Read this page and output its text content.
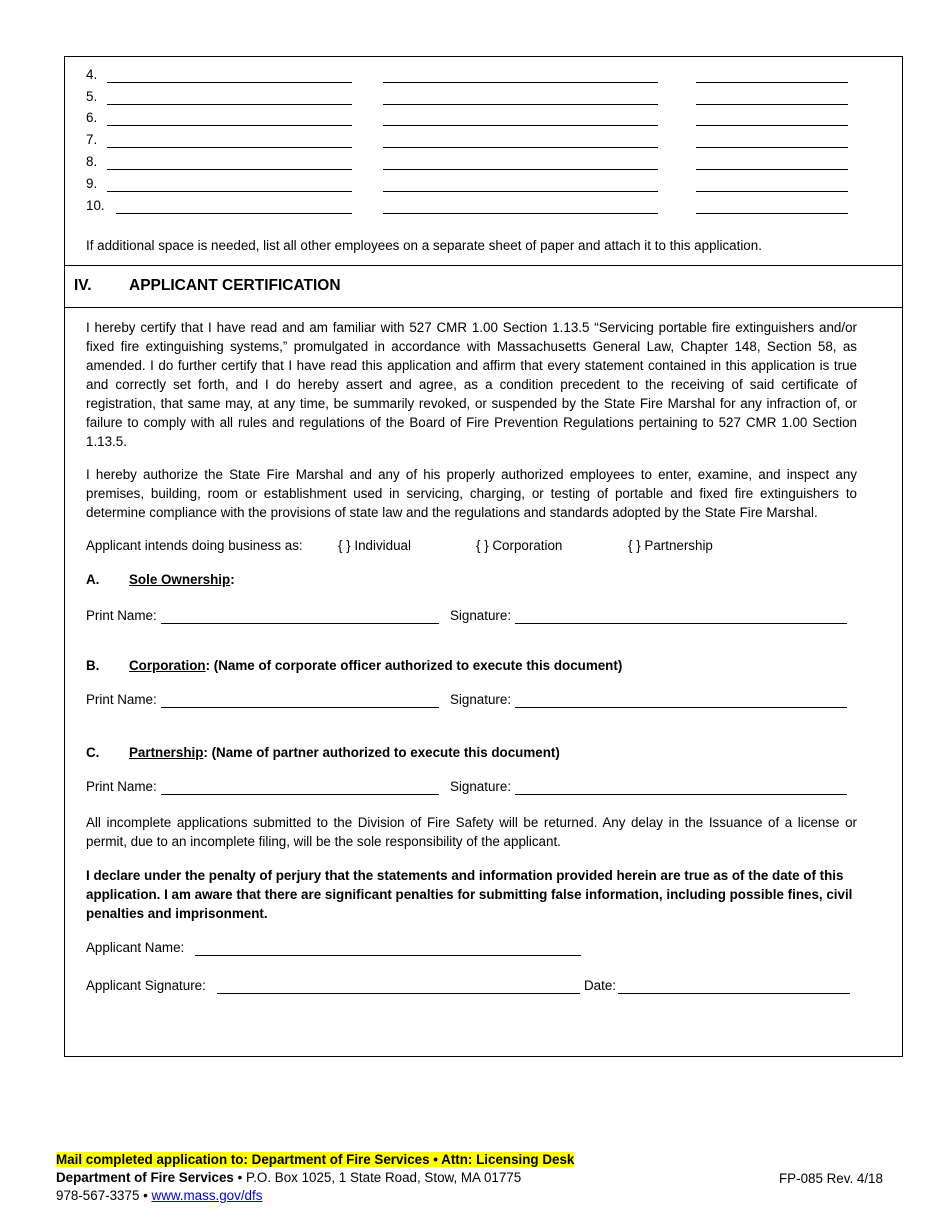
4.
5.
6.
7.
8.
9.
10.
If additional space is needed, list all other employees on a separate sheet of paper and attach it to this application.
IV. APPLICANT CERTIFICATION

I hereby certify that I have read and am familiar with 527 CMR 1.00 Section 1.13.5 “Servicing portable fire extinguishers and/or fixed fire extinguishing systems,” promulgated in accordance with Massachusetts General Law, Chapter 148, Section 58, as amended. I do further certify that I have read this application and affirm that every statement contained in this application is true and correctly set forth, and I do hereby assert and agree, as a condition precedent to the receiving of said certificate of registration, that same may, at any time, be summarily revoked, or suspended by the State Fire Marshal for any infraction of, or failure to comply with all rules and regulations of the Board of Fire Prevention Regulations pertaining to 527 CMR 1.00 Section 1.13.5.

I hereby authorize the State Fire Marshal and any of his properly authorized employees to enter, examine, and inspect any premises, building, room or establishment used in servicing, charging, or testing of portable and fixed fire extinguishers to determine compliance with the provisions of state law and the regulations and standards adopted by the State Fire Marshal.

Applicant intends doing business as:	{ } Individual	{ } Corporation	{ } Partnership
A. Sole Ownership:
Print Name:	Signature:
B. Corporation: (Name of corporate officer authorized to execute this document)
Print Name:	Signature:
C. Partnership: (Name of partner authorized to execute this document)
Print Name:	Signature:

All incomplete applications submitted to the Division of Fire Safety will be returned. Any delay in the Issuance of a license or permit, due to an incomplete filing, will be the sole responsibility of the applicant.

I declare under the penalty of perjury that the statements and information provided herein are true as of the date of this application. I am aware that there are significant penalties for submitting false information, including possible fines, civil penalties and imprisonment.

Applicant Name:
Applicant Signature:	Date:
Mail completed application to: Department of Fire Services • Attn: Licensing Desk
Department of Fire Services • P.O. Box 1025, 1 State Road, Stow, MA 01775
978-567-3375 • www.mass.gov/dfs
FP-085 Rev. 4/18
